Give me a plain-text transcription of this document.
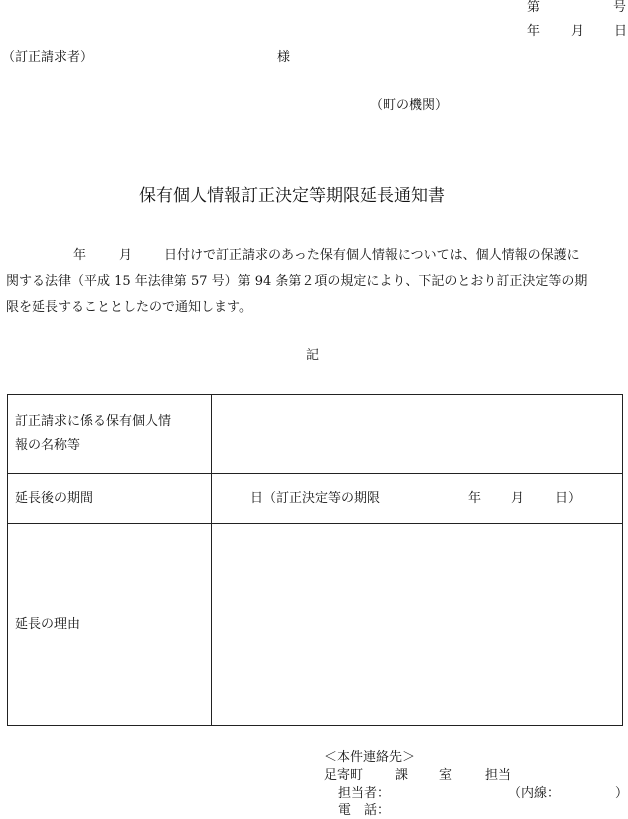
第	号
年 月 日
（訂正請求者）	様
（町の機関）
保有個人情報訂正決定等期限延長通知書
年	月 日付けで訂正請求のあった保有個人情報については、個人情報の保護に
関する法律（平成 15 年法律第 57 号）第 94 条第２項の規定により、下記のとおり訂正決定等の期
限を延長することとしたので通知します。
記
訂正請求に係る保有個人情
報の名称等	

延長後の期間	日（訂正決定等の期限 年 月 日）

延長の理由	
＜本件連絡先＞
足寄町 課 室	担当
担当者：	（内線：	）
電　話：
